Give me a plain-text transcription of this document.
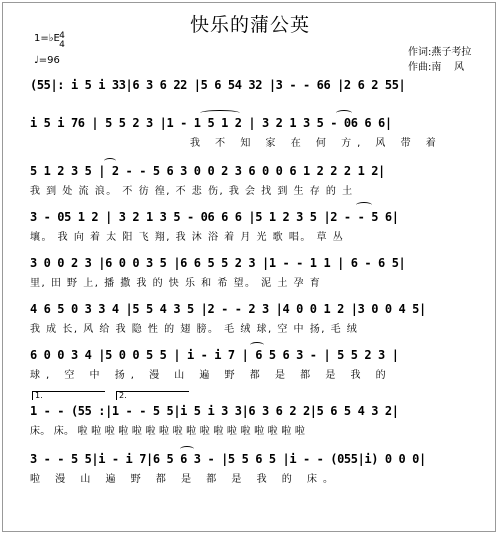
快乐的蒲公英
1=♭E 4
4
♩=96
作词:燕子考拉
作曲:南    风
(55|: i 5 i 33|6 3 6 22 |5 6 54 32 |3 - - 66 |2 6 2 55|
i 5 i 76 | 5 5 2 3 |1 - 1 5 1 2 | 3 2 1 3 5 - 06 6 6|
我 不 知 家 在 何 方, 风 带 着
5 1 2 3 5 | 2 - - 5 6 3 0 0 2 3 6 0 0 6 1 2 2 2 1 2|
我 到 处 流 浪。 不 彷 徨, 不 悲 伤, 我 会 找 到 生 存 的 土
3 - 05 1 2 | 3 2 1 3 5 - 06 6 6 |5 1 2 3 5 |2 - - 5 6|
壤。 我 向 着 太 阳 飞 翔, 我 沐 浴 着 月 光 歌 唱。 草 丛
3 0 0 2 3 |6 0 0 3 5 |6 6 5 5 2 3 |1 - - 1 1 | 6 - 6 5|
里, 田 野 上, 播 撒 我 的 快 乐 和 希 望。 泥 土 孕 育
4 6 5 0 3 3 4 |5 5 4 3 5 |2 - - 2 3 |4 0 0 1 2 |3 0 0 4 5|
我 成 长, 风 给 我 隐 性 的 翅 膀。 毛 绒 球, 空 中 扬, 毛 绒
6 0 0 3 4 |5 0 0 5 5 | i - i 7 | 6 5 6 3 - | 5 5 2 3 |
球, 空 中 扬, 漫 山 遍 野 都 是 都 是 我 的
1.	2.
1 - - (55 :|1 - - 5 5|i 5 i 3 3|6 3 6 2 2|5 6 5 4 3 2|
床。 床。 啦 啦 啦 啦 啦 啦 啦 啦 啦 啦 啦 啦 啦 啦 啦 啦 啦
3 - - 5 5|i - i 7|6 5 6 3 - |5 5 6 5 |i - - (055|i) 0 0 0|
啦 漫 山 遍 野 都 是 都 是 我 的 床。
